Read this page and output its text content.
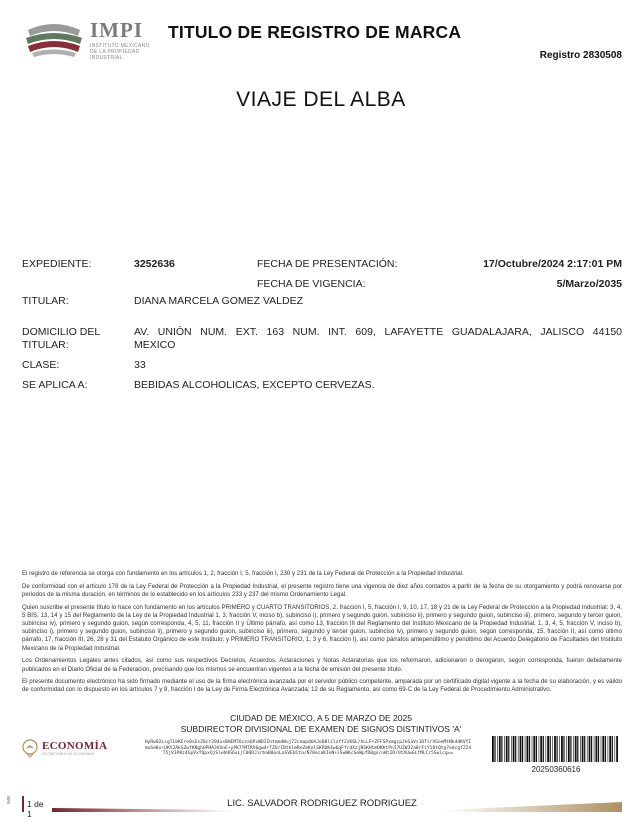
IMPI
INSTITUTO MEXICANO
DE LA PROPIEDAD
INDUSTRIAL
TITULO DE REGISTRO DE MARCA
Registro 2830508
VIAJE DEL ALBA
EXPEDIENTE:	3252636	FECHA DE PRESENTACIÓN:	17/Octubre/2024 2:17:01 PM
FECHA DE VIGENCIA:	5/Marzo/2035
TITULAR:	DIANA MARCELA GOMEZ VALDEZ
DOMICILIO DEL
TITULAR:
AV. UNIÓN NUM. EXT. 163 NUM. INT. 609, LAFAYETTE GUADALAJARA, JALISCO 44150
MEXICO
CLASE:	33
SE APLICA A:	BEBIDAS ALCOHOLICAS, EXCEPTO CERVEZAS.

El registro de referencia se otorga con fundamento en los artículos 1, 2, fracción I, 5, fracción I, 230 y 231 de la Ley Federal de Protección a la Propiedad Industrial.

De conformidad con el artículo 178 de la Ley Federal de Protección a la Propiedad Industrial, el presente registro tiene una vigencia de diez años contados a partir de la fecha de su otorgamiento y podrá renovarse por periodos de la misma duración, en términos de lo establecido en los artículos 233 y 237 del mismo Ordenamiento Legal.

Quien suscribe el presente título lo hace con fundamento en los artículos PRIMERO y CUARTO TRANSITORIOS, 2, fracción I, 5, fracción I, 9, 10, 17, 18 y 21 de la Ley Federal de Protección a la Propiedad Industrial; 3, 4, 5 BIS, 13, 14 y 15 del Reglamento de la Ley de la Propiedad Industrial 1, 3, fracción V, inciso b), subinciso i), primero y segundo guion, subinciso ii), primero y segundo guion, subinciso iii), primero, segundo y tercer guion, subinciso iv), primero y segundo guion, según corresponda, 4, 5, 11, fracción II y Último párrafo, así como 13, fracción III del Reglamento del Instituto Mexicano de la Propiedad Industrial, 1, 3, 4, 5, fracción V, inciso b), subinciso i), primero y segundo guion, subinciso ii), primero y segundo guion, subinciso iii), primero, segundo y tercer guion, subinciso iv), primero y segundo guion, según corresponda, 15, fracción II, así como último párrafo, 17, fracción III, 26, 28 y 31 del Estatuto Orgánico de este Instituto; y PRIMERO TRANSITORIO, 1, 3 y 6, fracción I), así como párrafos antepenúltimo y penúltimo del Acuerdo Delegatorio de Facultades del Instituto Mexicano de la Propiedad Industrial.

Los Ordenamientos Legales antes citados, así como sus respectivos Decretos, Acuerdos, Aclaraciones y Notas Aclaratorias que los reformaron, adicionaron o derogaron, según corresponda, fueron debidamente publicados en el Diario Oficial de la Federación, precisando que los mismos se encuentran vigentes a la fecha de emisión del presente título.

El presente documento electrónico ha sido firmado mediante el uso de la firma electrónica avanzada por el servidor público competente, amparada por un certificado digital vigente a la fecha de su elaboración, y es válido de conformidad con lo dispuesto en los artículos 7 y 9, fracción I de la Ley de Firma Electrónica Avanzada; 12 de su Reglamento, así como 69-C de la Ley Federal de Procedimiento Administrativo.

CIUDAD DE MÉXICO, A 5 DE MARZO DE 2025
SUBDIRECTOR DIVISIONAL DE EXAMEN DE SIGNOS DISTINTIVOS 'A'
ECONOMÍA
SECRETARÍA DE ECONOMÍA
HyRw02LsgTLbKEre0sEsZ0cr294usBHEM76szaQPvWDIIhtmmdWuj72cmapdUAJoB8lzlzffZzK6L/hLLF+ZFFSPxmgcpJkGaVs1DTirXGoeMtNk4dKVYImuSeKv+UKt2AkSZwfKNghOPHA3VXnE+yPK7YMTRX6gw4rTZU/IBtklmReZeKolSKRUK4w6qFfrdXzjNSKHtmDKKtPnI7UZW32a0rFiY10tQtg7edcgfZ24T5jV1P8z4GpVxfQpxQjSlwhHG6xLjC0QRJirbaB0onLoSVEUCta/N70ecaKIeN+iSwWKcSeWpfD0go/nWtIR/UtXUwGLfMLCr5Swlcg==
20250360616
IMB	1 de 1
LIC. SALVADOR RODRIGUEZ RODRIGUEZ
